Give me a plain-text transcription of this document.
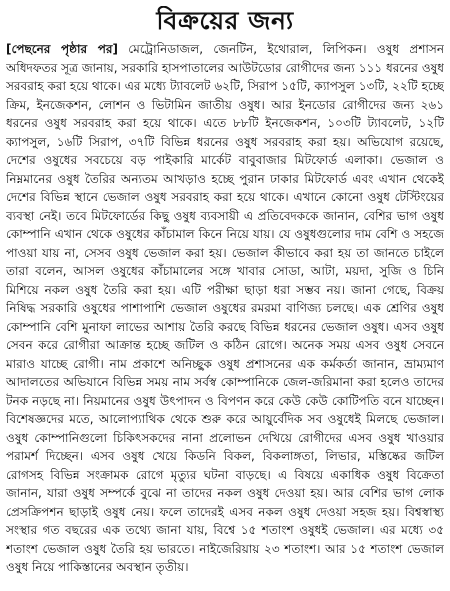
বিক্রয়ের জন্য
[পেছনের পৃষ্ঠার পর] মেট্রোনিডাজল, জেনটিন, ইথোরাল, লিপিকন। ওষুধ প্রশাসন অধিদফতর সূত্র জানায়, সরকারি হাসপাতালের আউটডোর রোগীদের জন্য ১১১ ধরনের ওষুধ সরবরাহ করা হয়ে থাকে। এর মধ্যে ট্যাবলেট ৬২টি, সিরাপ ১৫টি, ক্যাপসুল ১৩টি, ২২টি হচ্ছে ক্রিম, ইনজেকশন, লোশন ও ভিটামিন জাতীয় ওষুধ। আর ইনডোর রোগীদের জন্য ২৬১ ধরনের ওষুধ সরবরাহ করা হয়ে থাকে। এতে ৮৮টি ইনজেকশন, ১০৩টি ট্যাবলেট, ১২টি ক্যাপসুল, ১৬টি সিরাপ, ৩৭টি বিভিন্ন ধরনের ওষুধ সরবরাহ করা হয়। অভিযোগ রয়েছে, দেশের ওষুধের সবচেয়ে বড় পাইকারি মার্কেট বাবুবাজার মিটফোর্ড এলাকা। ভেজাল ও নিম্নমানের ওষুধ তৈরির অন্যতম আখড়াও হচ্ছে পুরান ঢাকার মিটফোর্ড এবং এখান থেকেই দেশের বিভিন্ন স্থানে ভেজাল ওষুধ সরবরাহ করা হয়ে থাকে। এখানে কোনো ওষুধ টেস্টিংয়ের ব্যবস্থা নেই। তবে মিটফোর্ডের কিছু ওষুধ ব্যবসায়ী এ প্রতিবেদককে জানান, বেশির ভাগ ওষুধ কোম্পানি এখান থেকে ওষুধের কাঁচামাল কিনে নিয়ে যায়। যে ওষুধগুলোর দাম বেশি ও সহজে পাওয়া যায় না, সেসব ওষুধ ভেজাল করা হয়। ভেজাল কীভাবে করা হয় তা জানতে চাইলে তারা বলেন, আসল ওষুধের কাঁচামালের সঙ্গে খাবার সোডা, আটা, ময়দা, সুজি ও চিনি মিশিয়ে নকল ওষুধ তৈরি করা হয়। এটি পরীক্ষা ছাড়া ধরা সম্ভব নয়। জানা গেছে, বিক্রয় নিষিদ্ধ সরকারি ওষুধের পাশাপাশি ভেজাল ওষুধের রমরমা বাণিজ্য চলছে। এক শ্রেণির ওষুধ কোম্পানি বেশি মুনাফা লাভের আশায় তৈরি করছে বিভিন্ন ধরনের ভেজাল ওষুধ। এসব ওষুধ সেবন করে রোগীরা আক্রান্ত হচ্ছে জটিল ও কঠিন রোগে। অনেক সময় এসব ওষুধ সেবনে মারাও যাচ্ছে রোগী। নাম প্রকাশে অনিচ্ছুক ওষুধ প্রশাসনের এক কর্মকর্তা জানান, ভ্রাম্যমাণ আদালতের অভিযানে বিভিন্ন সময় নাম সর্বস্ব কোম্পানিকে জেল-জরিমানা করা হলেও তাদের টনক নড়ছে না। নিয়মানের ওষুধ উৎপাদন ও বিপণন করে কেউ কেউ কোটিপতি বনে যাচ্ছেন। বিশেষজ্ঞদের মতে, আলোপ্যাথিক থেকে শুরু করে আয়ুর্বেদিক সব ওষুধেই মিলছে ভেজাল। ওষুধ কোম্পানিগুলো চিকিৎসকদের নানা প্রলোভন দেখিয়ে রোগীদের এসব ওষুধ খাওয়ার পরামর্শ দিচ্ছেন। এসব ওষুধ খেয়ে কিডনি বিকল, বিকলাঙ্গতা, লিভার, মস্তিষ্কের জটিল রোগসহ বিভিন্ন সংক্রামক রোগে মৃত্যুর ঘটনা বাড়ছে। এ বিষয়ে একাধিক ওষুধ বিক্রেতা জানান, যারা ওষুধ সম্পর্কে বুঝে না তাদের নকল ওষুধ দেওয়া হয়। আর বেশির ভাগ লোক প্রেসক্রিপশন ছাড়াই ওষুধ নেয়। ফলে তাদেরই এসব নকল ওষুধ দেওয়া সহজ হয়। বিশ্বস্বাস্থ্য সংস্থার গত বছরের এক তথ্যে জানা যায়, বিশ্বে ১৫ শতাংশ ওষুধই ভেজাল। এর মধ্যে ৩৫ শতাংশ ভেজাল ওষুধ তৈরি হয় ভারতে। নাইজেরিয়ায় ২৩ শতাংশ। আর ১৫ শতাংশ ভেজাল ওষুধ নিয়ে পাকিস্তানের অবস্থান তৃতীয়।
